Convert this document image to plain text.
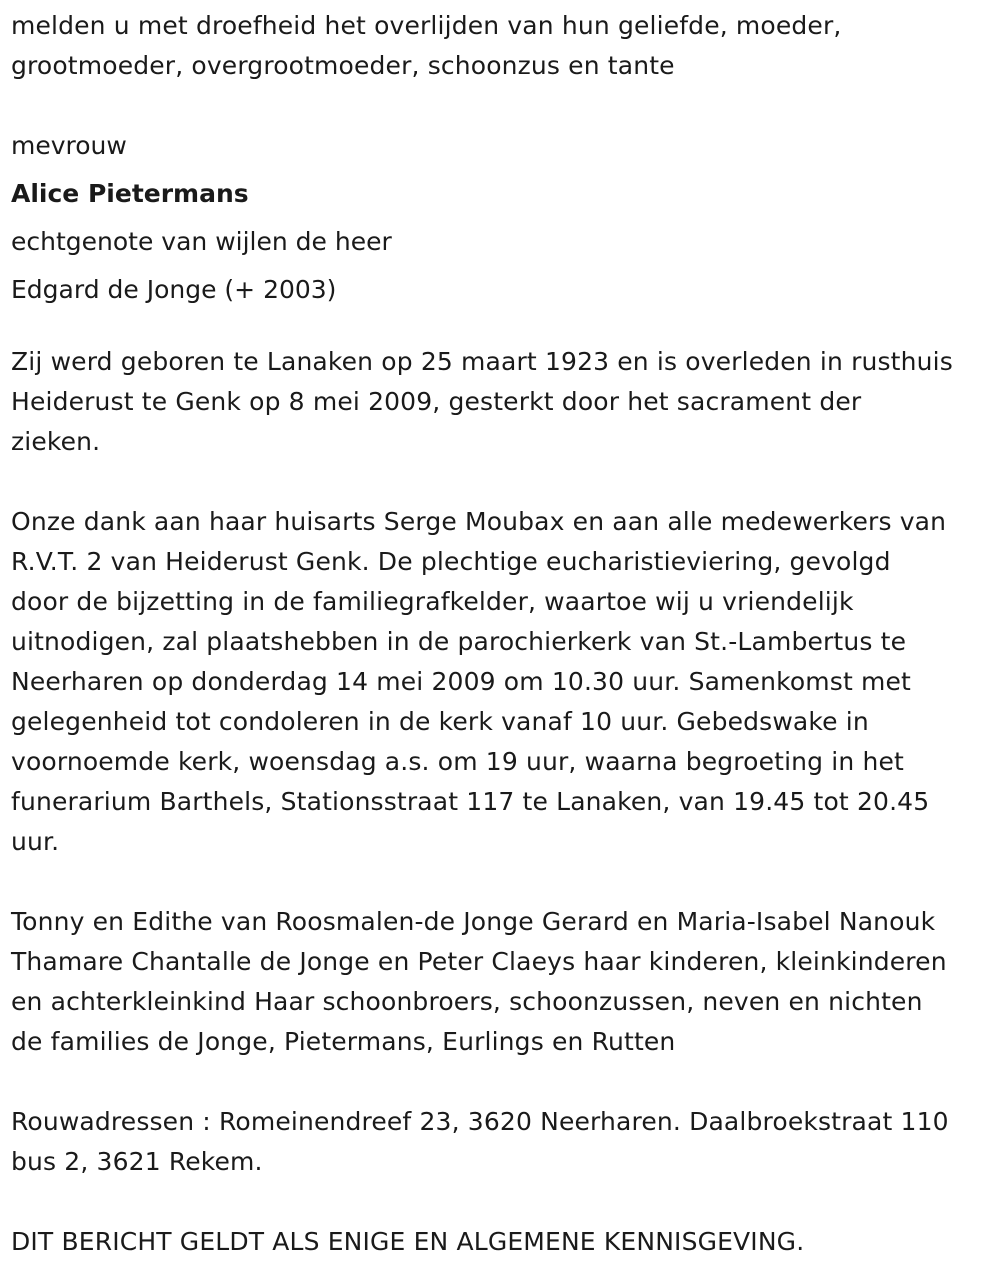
melden u met droefheid het overlijden van hun geliefde, moeder,
grootmoeder, overgrootmoeder, schoonzus en tante

mevrouw
Alice Pietermans
echtgenote van wijlen de heer
Edgard de Jonge (+ 2003)

Zij werd geboren te Lanaken op 25 maart 1923 en is overleden in rusthuis
Heiderust te Genk op 8 mei 2009, gesterkt door het sacrament der
zieken.

Onze dank aan haar huisarts Serge Moubax en aan alle medewerkers van
R.V.T. 2 van Heiderust Genk. De plechtige eucharistieviering, gevolgd
door de bijzetting in de familiegrafkelder, waartoe wij u vriendelijk
uitnodigen, zal plaatshebben in de parochierkerk van St.-Lambertus te
Neerharen op donderdag 14 mei 2009 om 10.30 uur. Samenkomst met
gelegenheid tot condoleren in de kerk vanaf 10 uur. Gebedswake in
voornoemde kerk, woensdag a.s. om 19 uur, waarna begroeting in het
funerarium Barthels, Stationsstraat 117 te Lanaken, van 19.45 tot 20.45
uur.

Tonny en Edithe van Roosmalen-de Jonge Gerard en Maria-Isabel Nanouk
Thamare Chantalle de Jonge en Peter Claeys haar kinderen, kleinkinderen
en achterkleinkind Haar schoonbroers, schoonzussen, neven en nichten
de families de Jonge, Pietermans, Eurlings en Rutten

Rouwadressen : Romeinendreef 23, 3620 Neerharen. Daalbroekstraat 110
bus 2, 3621 Rekem.

DIT BERICHT GELDT ALS ENIGE EN ALGEMENE KENNISGEVING.
